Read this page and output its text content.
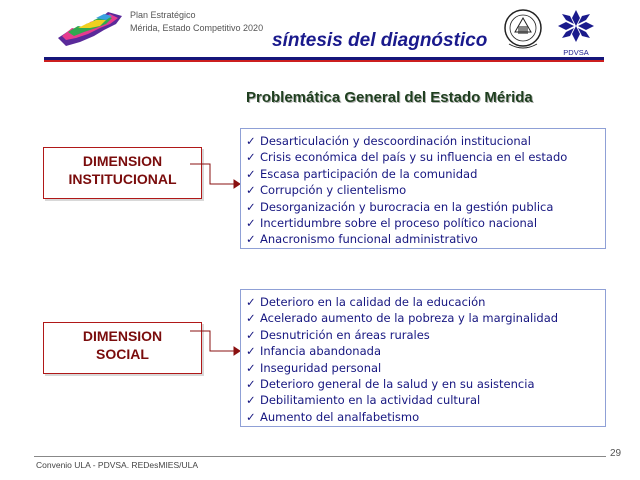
Plan Estratégico
Mérida, Estado Competitivo 2020
síntesis del diagnóstico
PDVSA
Problemática General del Estado Mérida
DIMENSION
INSTITUCIONAL
DIMENSION
SOCIAL
✓ Desarticulación y descoordinación institucional
✓ Crisis económica del país y su influencia en el estado
✓ Escasa participación de la comunidad
✓ Corrupción y clientelismo
✓ Desorganización y burocracia en la gestión publica
✓ Incertidumbre sobre el proceso político nacional
✓ Anacronismo funcional administrativo
✓ Deterioro en la calidad de la educación
✓ Acelerado aumento de la pobreza y la marginalidad
✓ Desnutrición en áreas rurales
✓ Infancia abandonada
✓ Inseguridad personal
✓ Deterioro general de la salud y en su asistencia
✓ Debilitamiento en la actividad cultural
✓ Aumento del analfabetismo
Convenio ULA - PDVSA. REDesMIES/ULA
29
